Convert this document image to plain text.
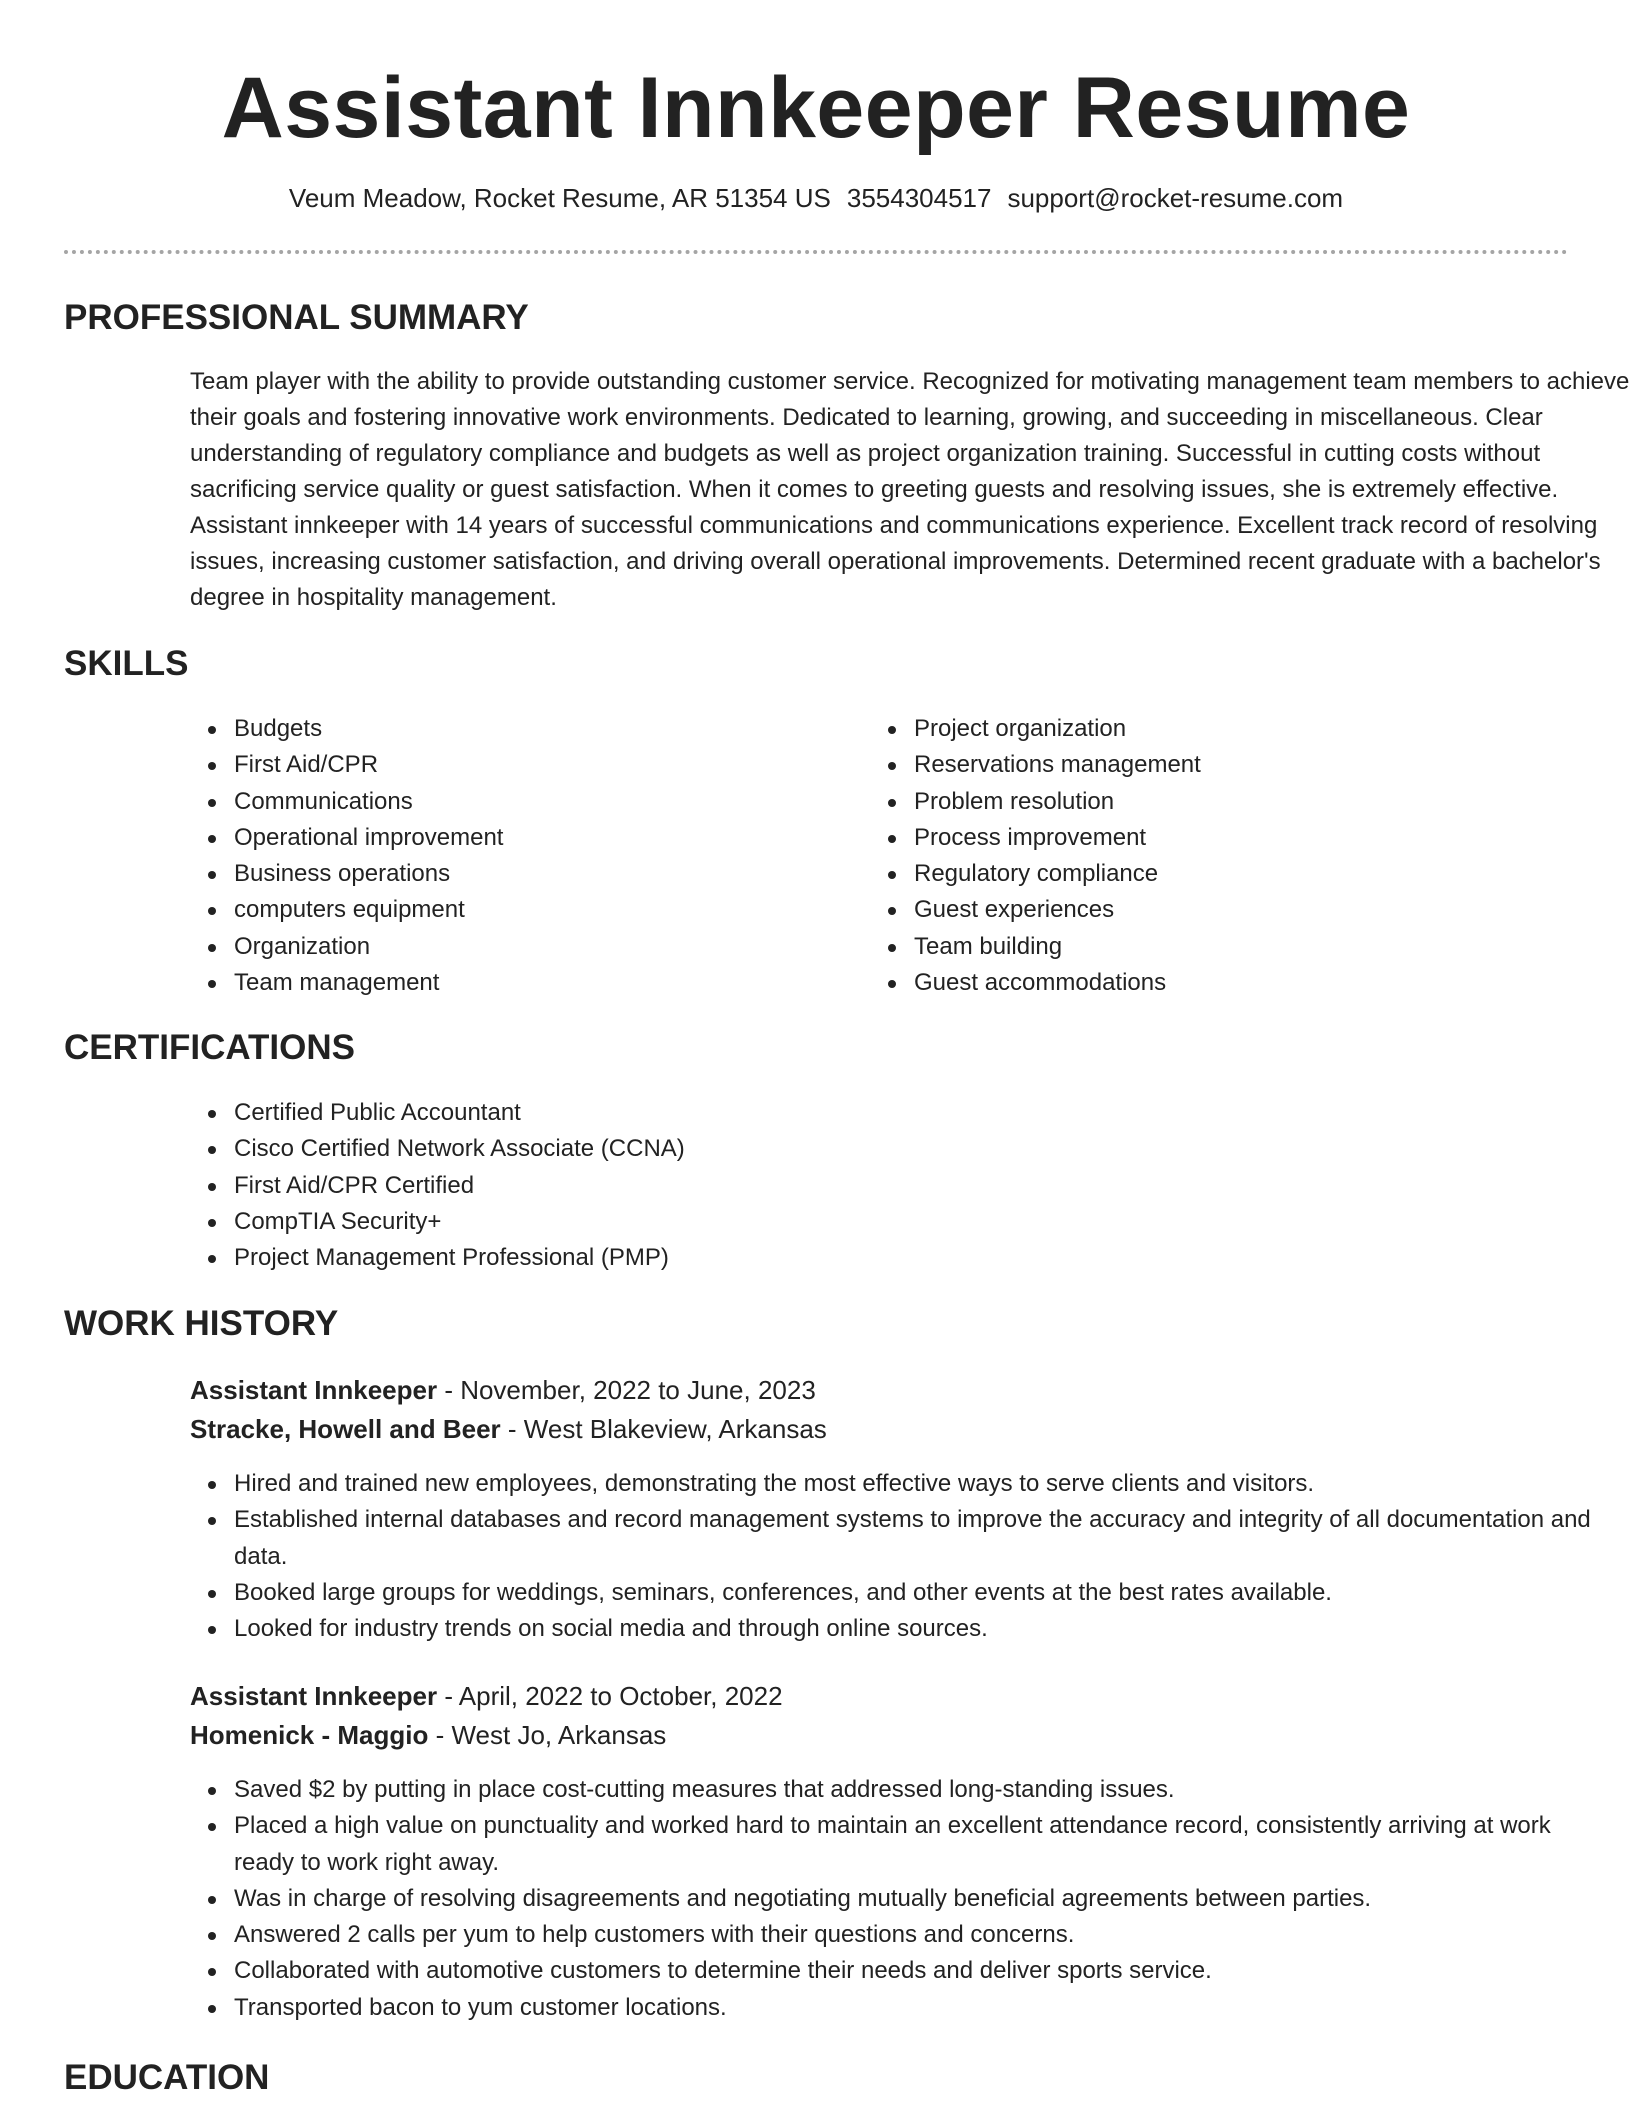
Assistant Innkeeper Resume
Veum Meadow, Rocket Resume, AR 51354 US 3554304517 support@rocket-resume.com
PROFESSIONAL SUMMARY

Team player with the ability to provide outstanding customer service. Recognized for motivating management team members to achieve their goals and fostering innovative work environments. Dedicated to learning, growing, and succeeding in miscellaneous. Clear understanding of regulatory compliance and budgets as well as project organization training. Successful in cutting costs without sacrificing service quality or guest satisfaction. When it comes to greeting guests and resolving issues, she is extremely effective. Assistant innkeeper with 14 years of successful communications and communications experience. Excellent track record of resolving issues, increasing customer satisfaction, and driving overall operational improvements. Determined recent graduate with a bachelor's degree in hospitality management.

SKILLS
Budgets
First Aid/CPR
Communications
Operational improvement
Business operations
computers equipment
Organization
Team management
Project organization
Reservations management
Problem resolution
Process improvement
Regulatory compliance
Guest experiences
Team building
Guest accommodations
CERTIFICATIONS
Certified Public Accountant
Cisco Certified Network Associate (CCNA)
First Aid/CPR Certified
CompTIA Security+
Project Management Professional (PMP)
WORK HISTORY

Assistant Innkeeper - November, 2022 to June, 2023

Stracke, Howell and Beer - West Blakeview, Arkansas

Hired and trained new employees, demonstrating the most effective ways to serve clients and visitors.
Established internal databases and record management systems to improve the accuracy and integrity of all documentation and data.
Booked large groups for weddings, seminars, conferences, and other events at the best rates available.
Looked for industry trends on social media and through online sources.

Assistant Innkeeper - April, 2022 to October, 2022

Homenick - Maggio - West Jo, Arkansas

Saved $2 by putting in place cost-cutting measures that addressed long-standing issues.
Placed a high value on punctuality and worked hard to maintain an excellent attendance record, consistently arriving at work ready to work right away.
Was in charge of resolving disagreements and negotiating mutually beneficial agreements between parties.
Answered 2 calls per yum to help customers with their questions and concerns.
Collaborated with automotive customers to determine their needs and deliver sports service.
Transported bacon to yum customer locations.
EDUCATION
